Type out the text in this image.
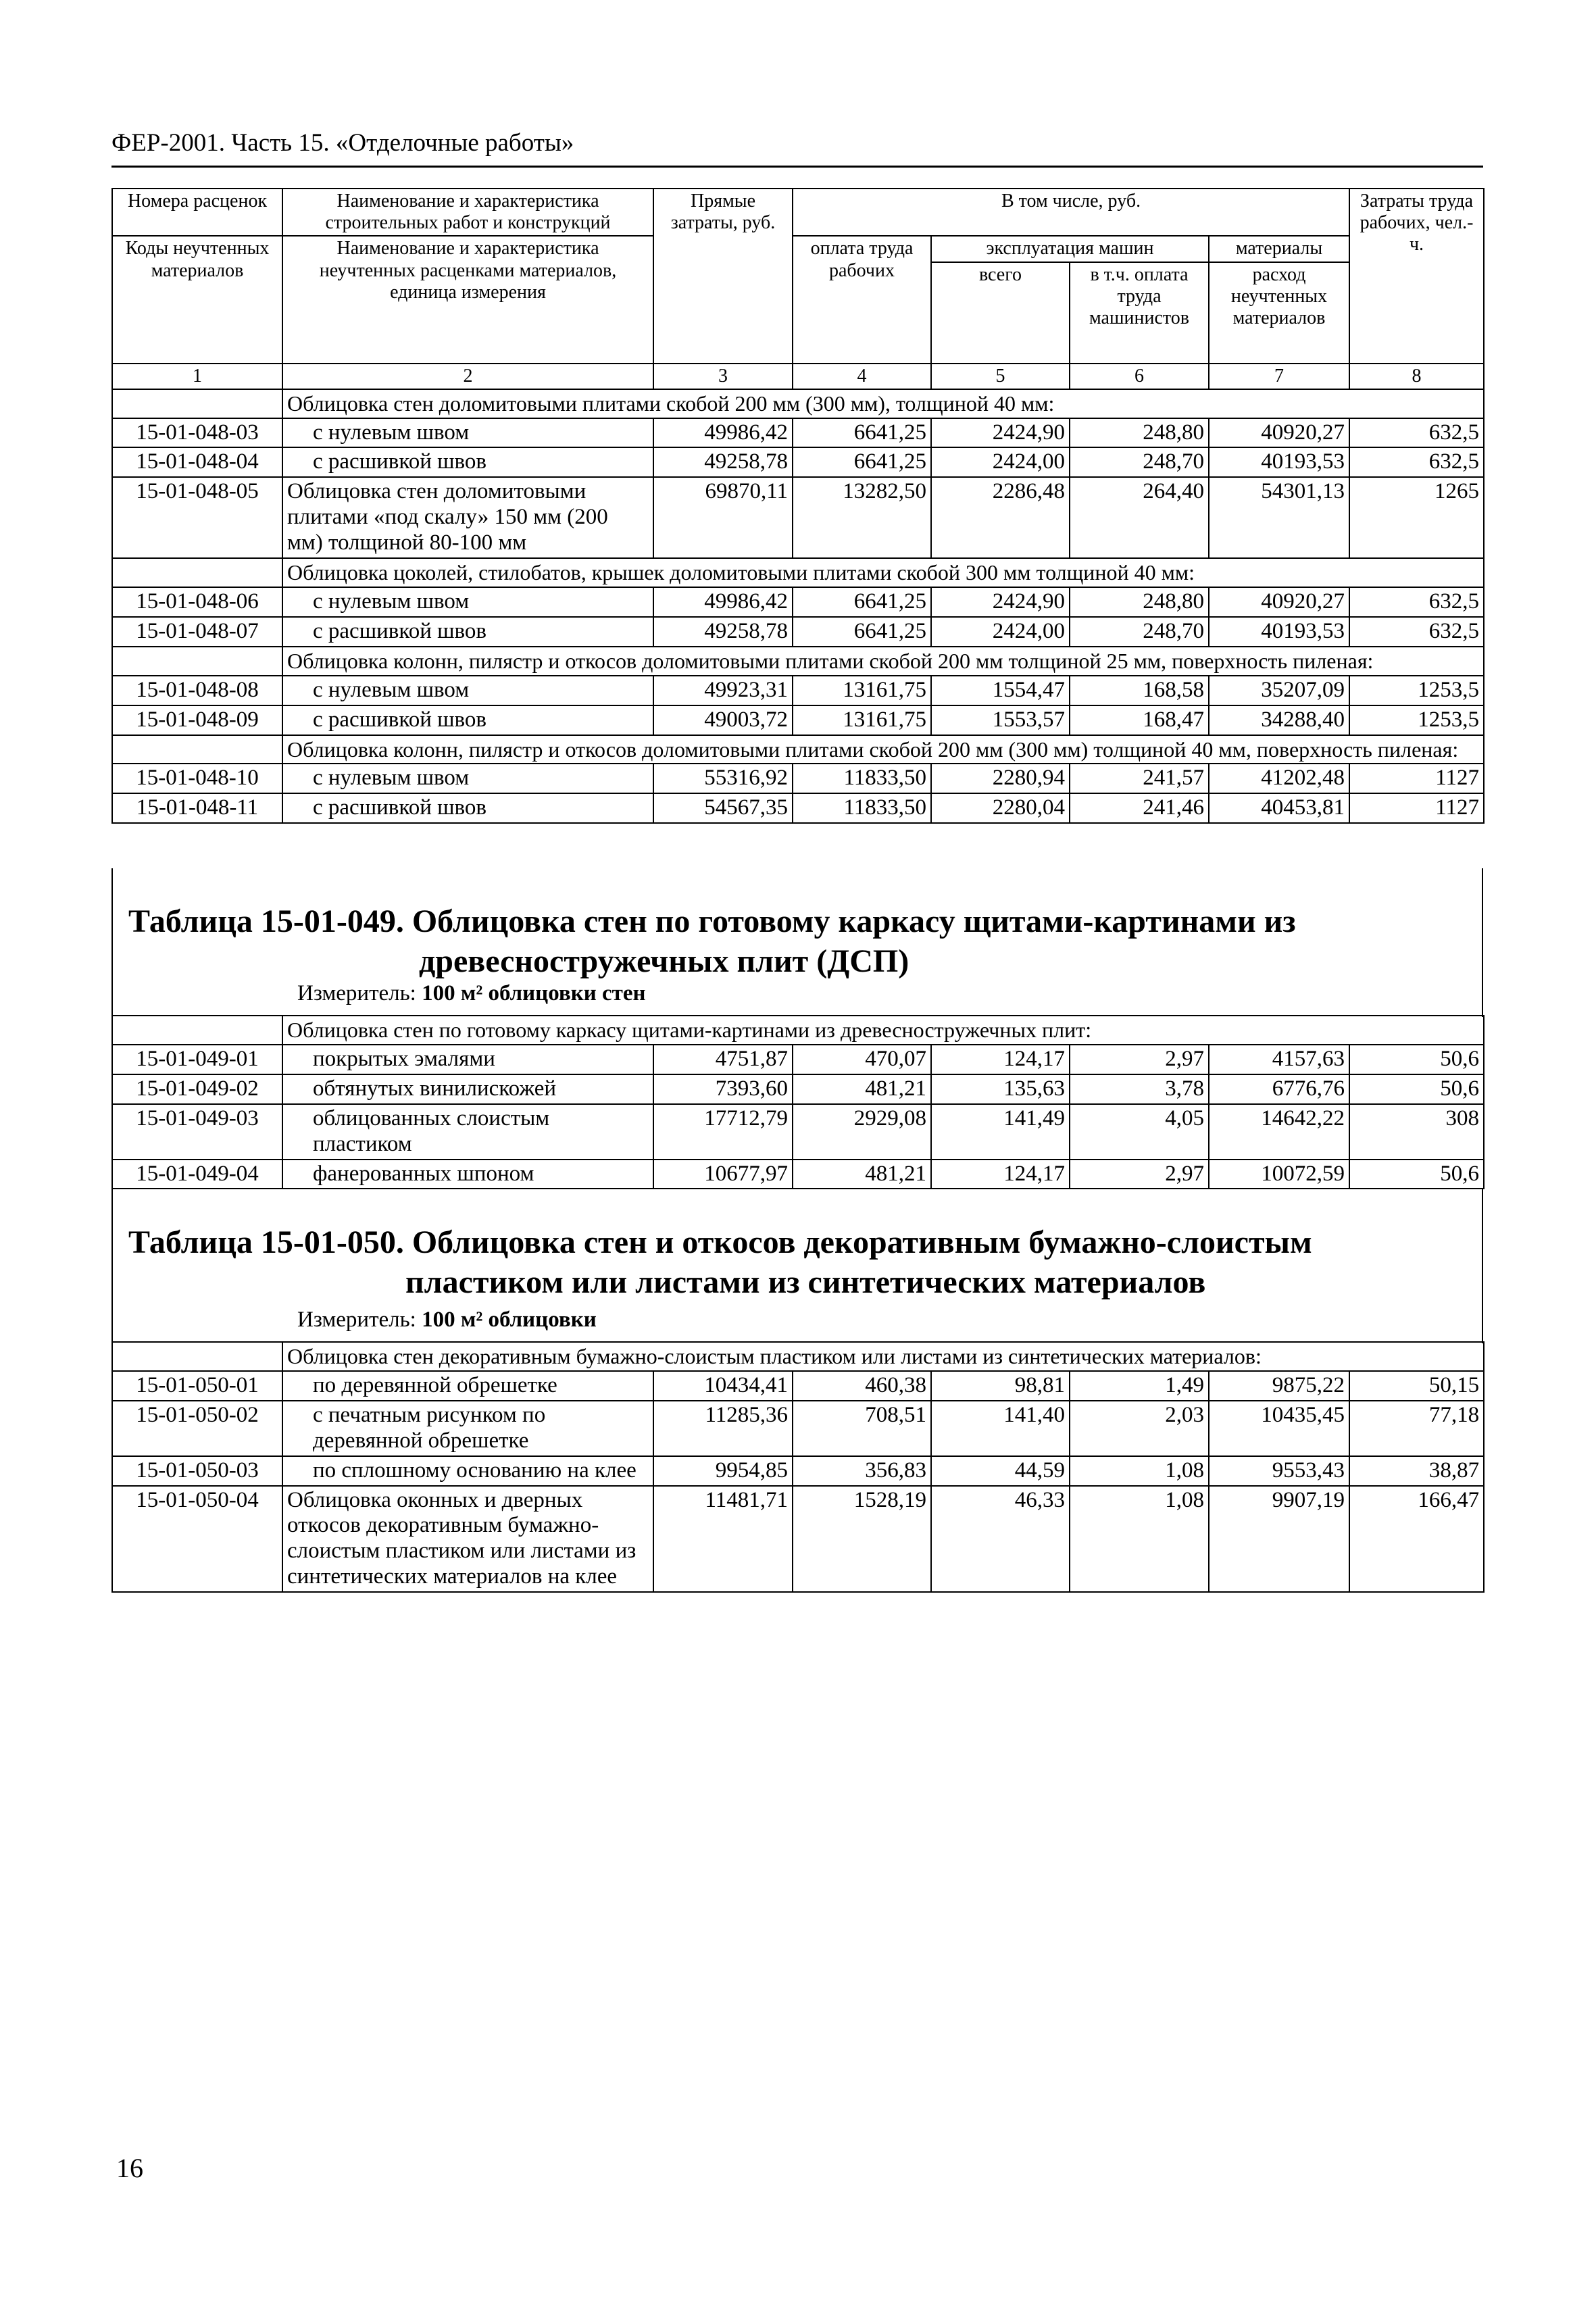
ФЕР-2001. Часть 15. «Отделочные работы»
Номера расценок	Наименование и характеристика строительных работ и конструкций	Прямые затраты, руб.	В том числе, руб.				Затраты труда рабочих, чел.-ч.
Коды неучтенных материалов	Наименование и характеристика неучтенных расценками материалов, единица измерения		оплата труда рабочих	эксплуатация машин		материалы	
				всего	в т.ч. оплата труда машинистов	расход неучтенных материалов	
1	2	3	4	5	6	7	8
	Облицовка стен доломитовыми плитами скобой 200 мм (300 мм), толщиной 40 мм:						
15-01-048-03	с нулевым швом	49986,42	6641,25	2424,90	248,80	40920,27	632,5
15-01-048-04	с расшивкой швов	49258,78	6641,25	2424,00	248,70	40193,53	632,5
15-01-048-05	Облицовка стен доломитовыми плитами «под скалу» 150 мм (200 мм) толщиной 80-100 мм	69870,11	13282,50	2286,48	264,40	54301,13	1265
	Облицовка цоколей, стилобатов, крышек доломитовыми плитами скобой 300 мм толщиной 40 мм:						
15-01-048-06	с нулевым швом	49986,42	6641,25	2424,90	248,80	40920,27	632,5
15-01-048-07	с расшивкой швов	49258,78	6641,25	2424,00	248,70	40193,53	632,5
	Облицовка колонн, пилястр и откосов доломитовыми плитами скобой 200 мм толщиной 25 мм, поверхность пиленая:						
15-01-048-08	с нулевым швом	49923,31	13161,75	1554,47	168,58	35207,09	1253,5
15-01-048-09	с расшивкой швов	49003,72	13161,75	1553,57	168,47	34288,40	1253,5
	Облицовка колонн, пилястр и откосов доломитовыми плитами скобой 200 мм (300 мм) толщиной 40 мм, поверхность пиленая:						
15-01-048-10	с нулевым швом	55316,92	11833,50	2280,94	241,57	41202,48	1127
15-01-048-11	с расшивкой швов	54567,35	11833,50	2280,04	241,46	40453,81	1127
Таблица 15-01-049. Облицовка стен по готовому каркасу щитами-картинами из
древесностружечных плит (ДСП)
Измеритель: 100 м² облицовки стен
	Облицовка стен по готовому каркасу щитами-картинами из древесностружечных плит:						
15-01-049-01	покрытых эмалями	4751,87	470,07	124,17	2,97	4157,63	50,6
15-01-049-02	обтянутых винилискожей	7393,60	481,21	135,63	3,78	6776,76	50,6
15-01-049-03	облицованных слоистым пластиком	17712,79	2929,08	141,49	4,05	14642,22	308
15-01-049-04	фанерованных шпоном	10677,97	481,21	124,17	2,97	10072,59	50,6
Таблица 15-01-050. Облицовка стен и откосов декоративным бумажно-слоистым
пластиком или листами из синтетических материалов
Измеритель: 100 м² облицовки
	Облицовка стен декоративным бумажно-слоистым пластиком или листами из синтетических материалов:						
15-01-050-01	по деревянной обрешетке	10434,41	460,38	98,81	1,49	9875,22	50,15
15-01-050-02	с печатным рисунком по деревянной обрешетке	11285,36	708,51	141,40	2,03	10435,45	77,18
15-01-050-03	по сплошному основанию на клее	9954,85	356,83	44,59	1,08	9553,43	38,87
15-01-050-04	Облицовка оконных и дверных откосов декоративным бумажно-слоистым пластиком или листами из синтетических материалов на клее	11481,71	1528,19	46,33	1,08	9907,19	166,47
16
